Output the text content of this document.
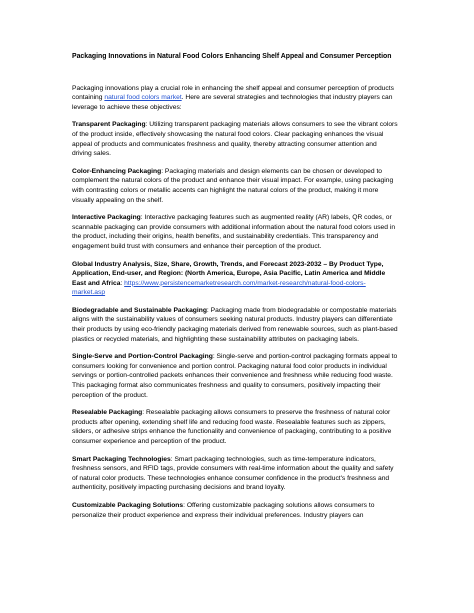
Packaging Innovations in Natural Food Colors Enhancing Shelf Appeal and Consumer Perception

Packaging innovations play a crucial role in enhancing the shelf appeal and consumer perception of products containing natural food colors market. Here are several strategies and technologies that industry players can leverage to achieve these objectives:

Transparent Packaging: Utilizing transparent packaging materials allows consumers to see the vibrant colors of the product inside, effectively showcasing the natural food colors. Clear packaging enhances the visual appeal of products and communicates freshness and quality, thereby attracting consumer attention and driving sales.

Color-Enhancing Packaging: Packaging materials and design elements can be chosen or developed to complement the natural colors of the product and enhance their visual impact. For example, using packaging with contrasting colors or metallic accents can highlight the natural colors of the product, making it more visually appealing on the shelf.

Interactive Packaging: Interactive packaging features such as augmented reality (AR) labels, QR codes, or scannable packaging can provide consumers with additional information about the natural food colors used in the product, including their origins, health benefits, and sustainability credentials. This transparency and engagement build trust with consumers and enhance their perception of the product.

Global Industry Analysis, Size, Share, Growth, Trends, and Forecast 2023-2032 – By Product Type, Application, End-user, and Region: (North America, Europe, Asia Pacific, Latin America and Middle East and Africa: https://www.persistencemarketresearch.com/market-research/natural-food-colors-market.asp

Biodegradable and Sustainable Packaging: Packaging made from biodegradable or compostable materials aligns with the sustainability values of consumers seeking natural products. Industry players can differentiate their products by using eco-friendly packaging materials derived from renewable sources, such as plant-based plastics or recycled materials, and highlighting these sustainability attributes on packaging labels.

Single-Serve and Portion-Control Packaging: Single-serve and portion-control packaging formats appeal to consumers looking for convenience and portion control. Packaging natural food color products in individual servings or portion-controlled packets enhances their convenience and freshness while reducing food waste. This packaging format also communicates freshness and quality to consumers, positively impacting their perception of the product.

Resealable Packaging: Resealable packaging allows consumers to preserve the freshness of natural color products after opening, extending shelf life and reducing food waste. Resealable features such as zippers, sliders, or adhesive strips enhance the functionality and convenience of packaging, contributing to a positive consumer experience and perception of the product.

Smart Packaging Technologies: Smart packaging technologies, such as time-temperature indicators, freshness sensors, and RFID tags, provide consumers with real-time information about the quality and safety of natural color products. These technologies enhance consumer confidence in the product's freshness and authenticity, positively impacting purchasing decisions and brand loyalty.

Customizable Packaging Solutions: Offering customizable packaging solutions allows consumers to personalize their product experience and express their individual preferences. Industry players can
